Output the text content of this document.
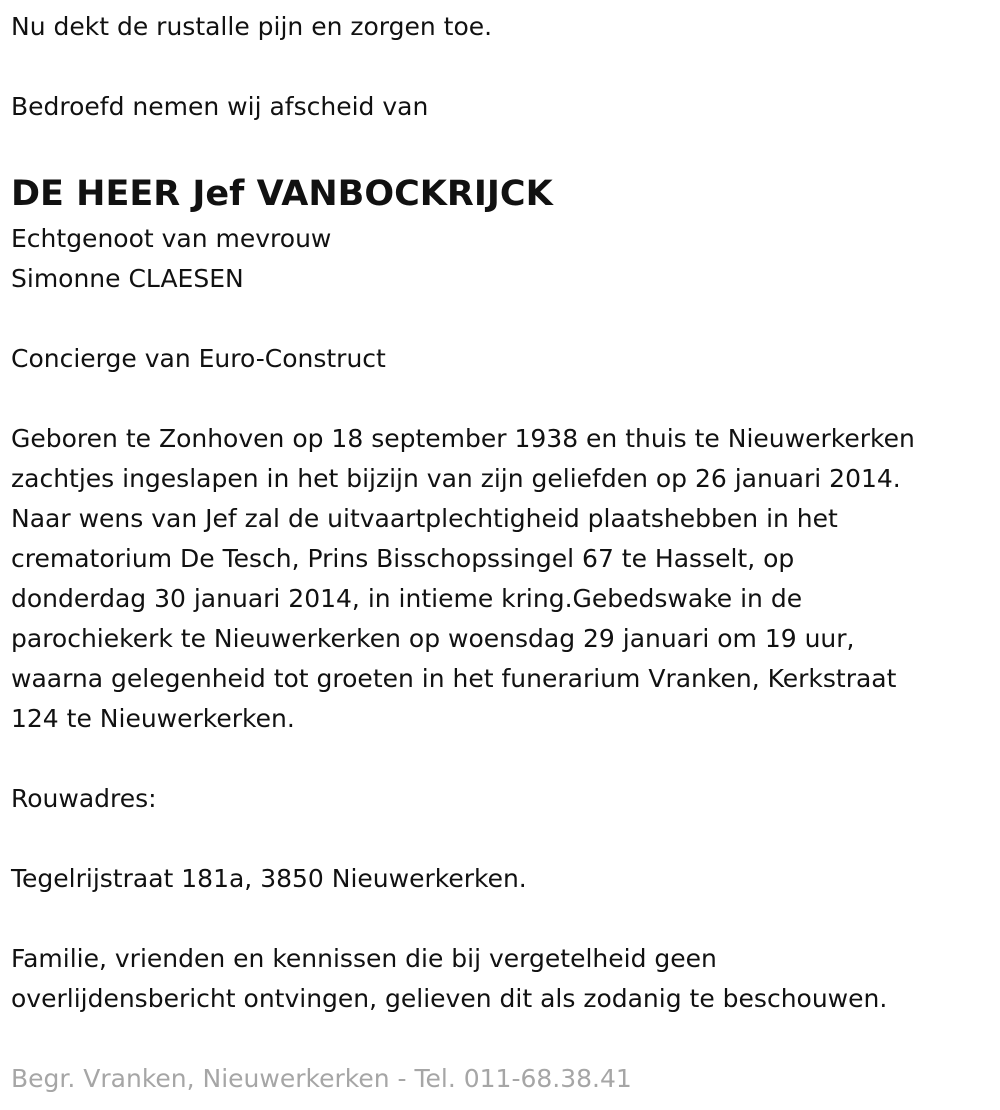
Nu dekt de rustalle pijn en zorgen toe.

Bedroefd nemen wij afscheid van

DE HEER Jef VANBOCKRIJCK

Echtgenoot van mevrouw

Simonne CLAESEN

Concierge van Euro-Construct

Geboren te Zonhoven op 18 september 1938 en thuis te Nieuwerkerken

zachtjes ingeslapen in het bijzijn van zijn geliefden op 26 januari 2014.

Naar wens van Jef zal de uitvaartplechtigheid plaatshebben in het

crematorium De Tesch, Prins Bisschopssingel 67 te Hasselt, op

donderdag 30 januari 2014, in intieme kring.Gebedswake in de

parochiekerk te Nieuwerkerken op woensdag 29 januari om 19 uur,

waarna gelegenheid tot groeten in het funerarium Vranken, Kerkstraat

124 te Nieuwerkerken.

Rouwadres:

Tegelrijstraat 181a, 3850 Nieuwerkerken.

Familie, vrienden en kennissen die bij vergetelheid geen

overlijdensbericht ontvingen, gelieven dit als zodanig te beschouwen.

Begr. Vranken, Nieuwerkerken - Tel. 011-68.38.41
